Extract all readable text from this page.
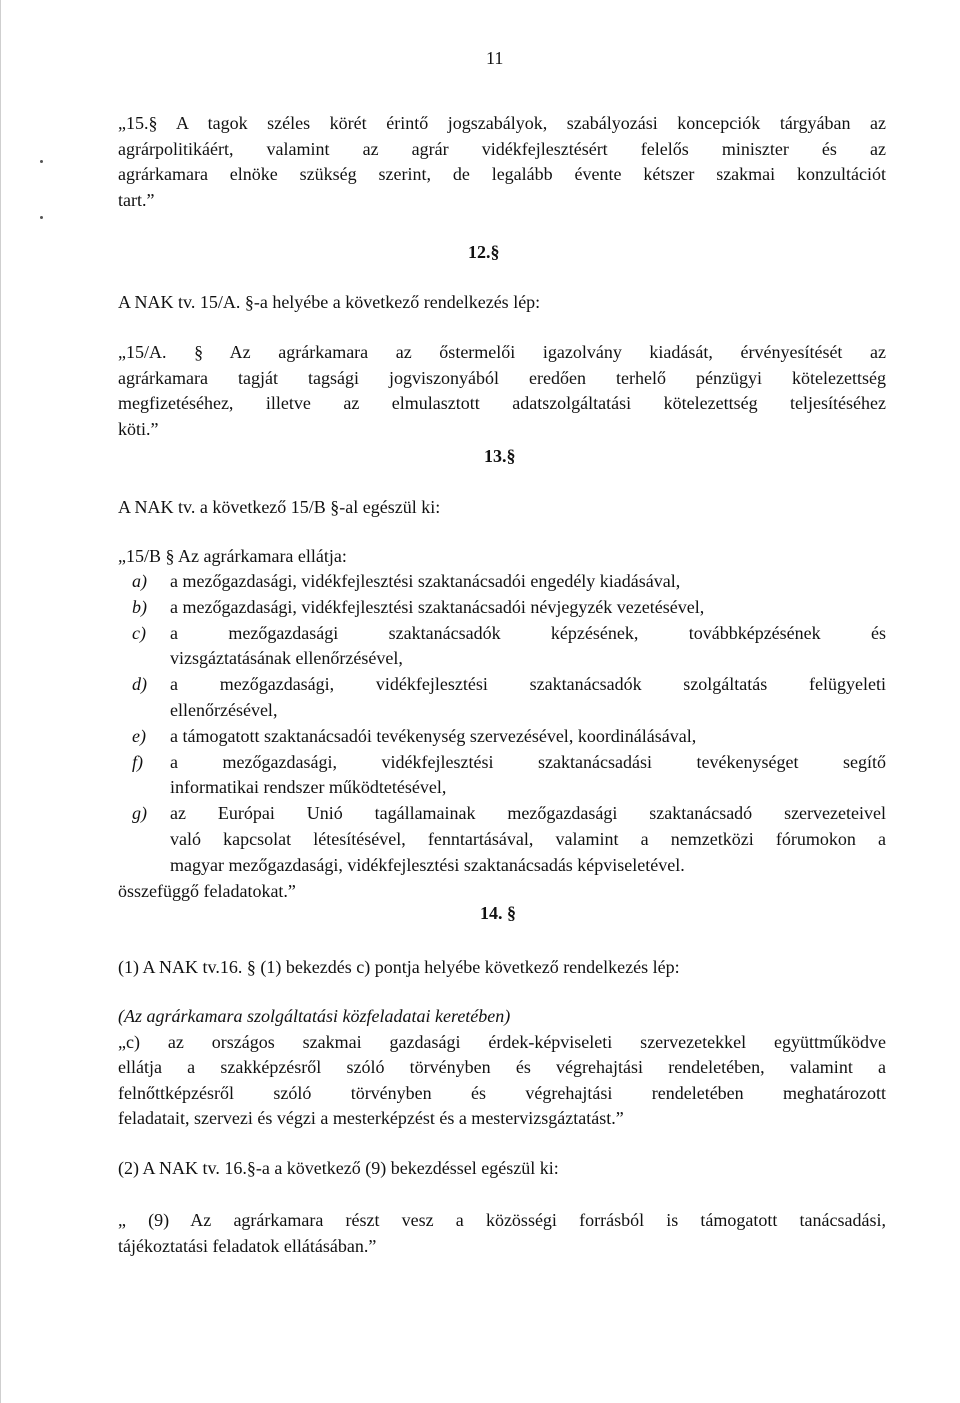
11
„15.§ A tagok széles körét érintő jogszabályok, szabályozási koncepciók tárgyában az
agrárpolitikáért, valamint az agrár vidékfejlesztésért felelős miniszter és az
agrárkamara elnöke szükség szerint, de legalább évente kétszer szakmai konzultációt
tart.”
12.§
A NAK tv. 15/A. §-a helyébe a következő rendelkezés lép:
„15/A. § Az agrárkamara az őstermelői igazolvány kiadását, érvényesítését az
agrárkamara tagját tagsági jogviszonyából eredően terhelő pénzügyi kötelezettség
megfizetéséhez, illetve az elmulasztott adatszolgáltatási kötelezettség teljesítéséhez
köti.”
13.§
A NAK tv. a következő 15/B §-al egészül ki:
„15/B § Az agrárkamara ellátja:
a)	a mezőgazdasági, vidékfejlesztési szaktanácsadói engedély kiadásával,
b)	a mezőgazdasági, vidékfejlesztési szaktanácsadói névjegyzék vezetésével,
c)	a mezőgazdasági szaktanácsadók képzésének, továbbképzésének és
vizsgáztatásának ellenőrzésével,
d)	a mezőgazdasági, vidékfejlesztési szaktanácsadók szolgáltatás felügyeleti
ellenőrzésével,
e)	a támogatott szaktanácsadói tevékenység szervezésével, koordinálásával,
f)	a mezőgazdasági, vidékfejlesztési szaktanácsadási tevékenységet segítő
informatikai rendszer működtetésével,
g)	az Európai Unió tagállamainak mezőgazdasági szaktanácsadó szervezeteivel
való kapcsolat létesítésével, fenntartásával, valamint a nemzetközi fórumokon a
magyar mezőgazdasági, vidékfejlesztési szaktanácsadás képviseletével.
összefüggő feladatokat.”
14. §
(1) A NAK tv.16. § (1) bekezdés c) pontja helyébe következő rendelkezés lép:
(Az agrárkamara szolgáltatási közfeladatai keretében)
„c) az országos szakmai gazdasági érdek-képviseleti szervezetekkel együttműködve
ellátja a szakképzésről szóló törvényben és végrehajtási rendeletében, valamint a
felnőttképzésről szóló törvényben és végrehajtási rendeletében meghatározott
feladatait, szervezi és végzi a mesterképzést és a mestervizsgáztatást.”
(2) A NAK tv. 16.§-a a következő (9) bekezdéssel egészül ki:
„ (9) Az agrárkamara részt vesz a közösségi forrásból is támogatott tanácsadási,
tájékoztatási feladatok ellátásában.”
